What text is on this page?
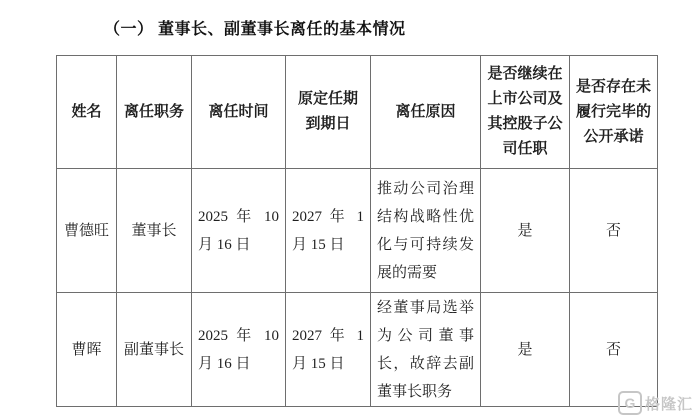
（一） 董事长、副董事长离任的基本情况
姓名	离任职务	离任时间	原定任期到期日	离任原因	是否继续在上市公司及其控股子公司任职	是否存在未履行完毕的公开承诺
曹德旺	董事长	2025 年 10 月 16 日	2027 年 1 月 15 日	推动公司治理结构战略性优化与可持续发展的需要	是	否
曹晖	副董事长	2025 年 10 月 16 日	2027 年 1 月 15 日	经董事局选举为公司董事长，故辞去副董事长职务	是	否
G 格隆汇
